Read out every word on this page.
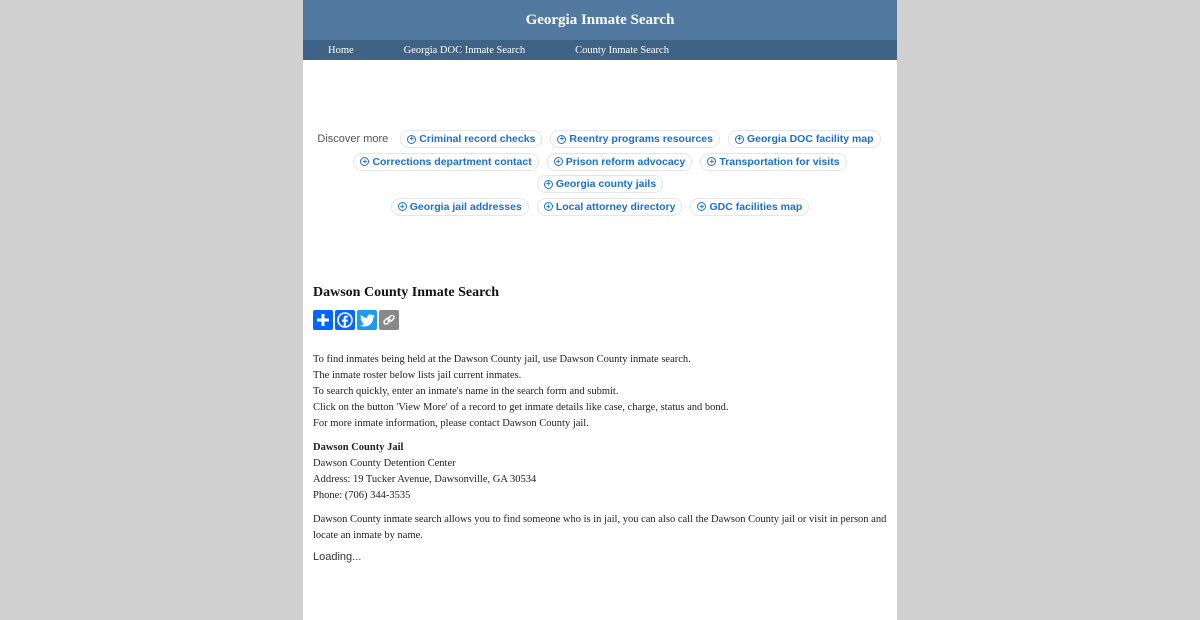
Georgia Inmate Search
Home	Georgia DOC Inmate Search	County Inmate Search
Discover more	+ Criminal record checks
	+ Reentry programs resources
	+ Georgia DOC facility map

+ Corrections department contact
	+ Prison reform advocacy
	+ Transportation for visits

+ Georgia county jails

+ Georgia jail addresses
	+ Local attorney directory
	+ GDC facilities map
Dawson County Inmate Search
To find inmates being held at the Dawson County jail, use Dawson County inmate search.
The inmate roster below lists jail current inmates.
To search quickly, enter an inmate's name in the search form and submit.
Click on the button 'View More' of a record to get inmate details like case, charge, status and bond.
For more inmate information, please contact Dawson County jail.
Dawson County Jail
Dawson County Detention Center
Address: 19 Tucker Avenue, Dawsonville, GA 30534
Phone: (706) 344-3535

Dawson County inmate search allows you to find someone who is in jail, you can also call the Dawson County jail or visit in person and locate an inmate by name.

Loading...
